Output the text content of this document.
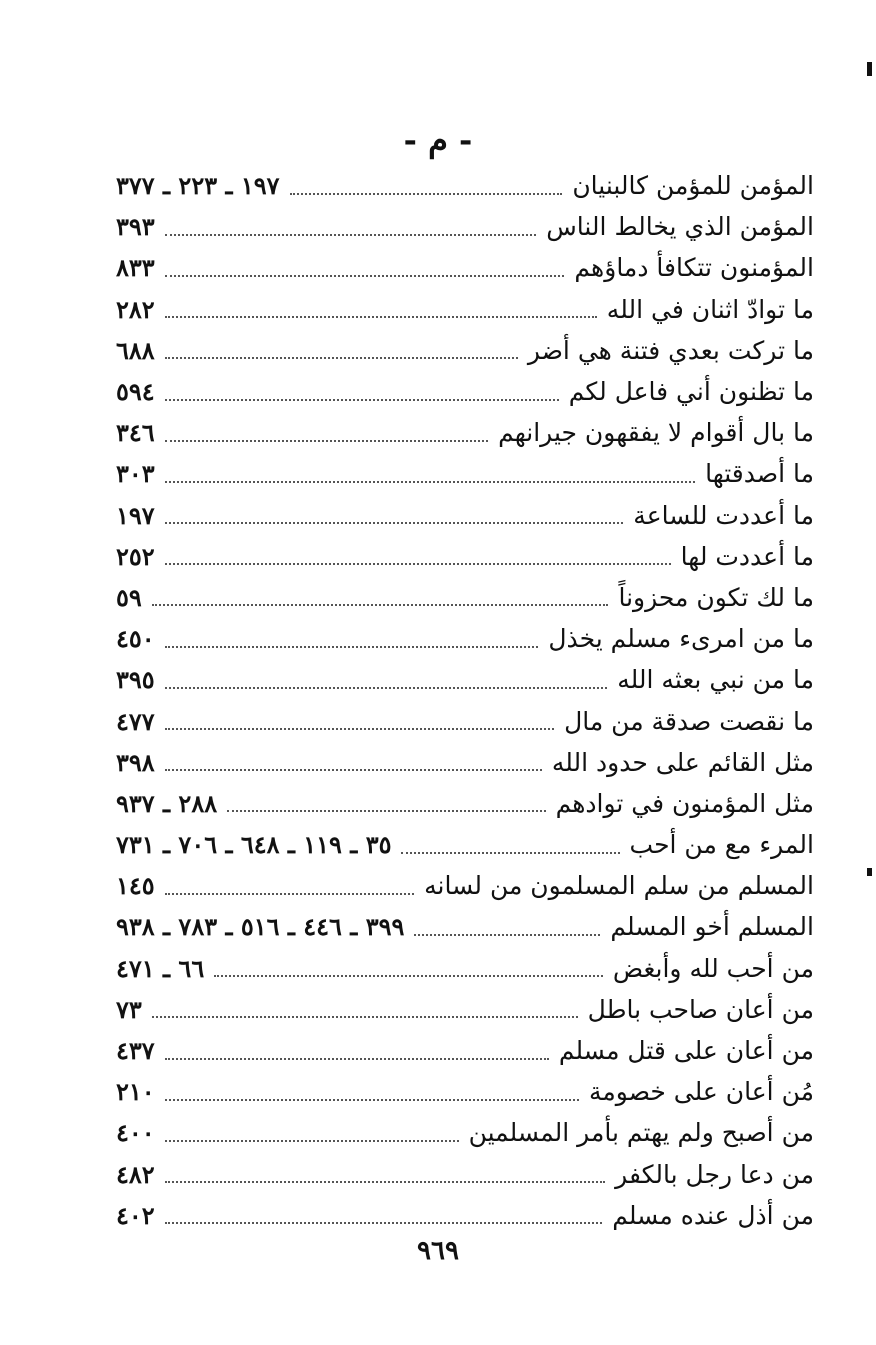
- م -
المؤمن للمؤمن كالبنيان
١٩٧ ـ ٢٢٣ ـ ٣٧٧
المؤمن الذي يخالط الناس
٣٩٣
المؤمنون تتكافأ دماؤهم
٨٣٣
ما توادّ اثنان في الله
٢٨٢
ما تركت بعدي فتنة هي أضر
٦٨٨
ما تظنون أني فاعل لكم
٥٩٤
ما بال أقوام لا يفقهون جيرانهم
٣٤٦
ما أصدقتها
٣٠٣
ما أعددت للساعة
١٩٧
ما أعددت لها
٢٥٢
ما لك تكون محزوناً
٥٩
ما من امرىء مسلم يخذل
٤٥٠
ما من نبي بعثه الله
٣٩٥
ما نقصت صدقة من مال
٤٧٧
مثل القائم على حدود الله
٣٩٨
مثل المؤمنون في توادهم
٢٨٨ ـ ٩٣٧
المرء مع من أحب
٣٥ ـ ١١٩ ـ ٦٤٨ ـ ٧٠٦ ـ ٧٣١
المسلم من سلم المسلمون من لسانه
١٤٥
المسلم أخو المسلم
٣٩٩ ـ ٤٤٦ ـ ٥١٦ ـ ٧٨٣ ـ ٩٣٨
من أحب لله وأبغض
٦٦ ـ ٤٧١
من أعان صاحب باطل
٧٣
من أعان على قتل مسلم
٤٣٧
مُن أعان على خصومة
٢١٠
من أصبح ولم يهتم بأمر المسلمين
٤٠٠
من دعا رجل بالكفر
٤٨٢
من أذل عنده مسلم
٤٠٢
٩٦٩
